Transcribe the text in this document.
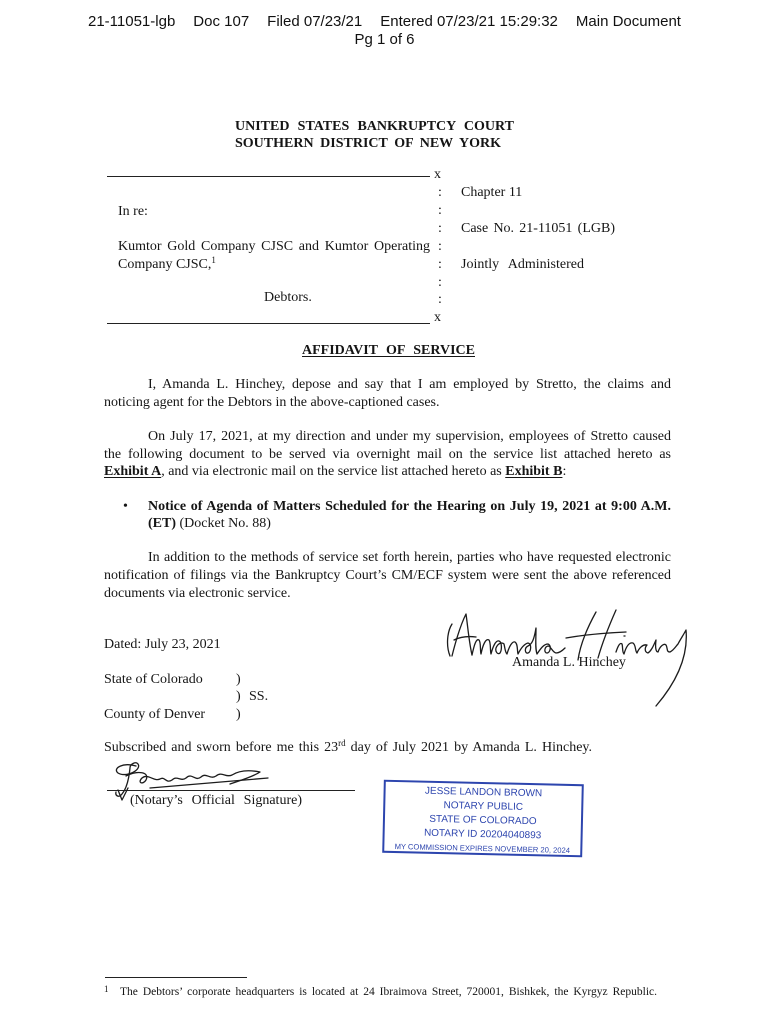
21-11051-lgb Doc 107 Filed 07/23/21 Entered 07/23/21 15:29:32 Main Document
Pg 1 of 6
UNITED STATES BANKRUPTCY COURT
SOUTHERN DISTRICT OF NEW YORK
x
:
:
:
:
:
:
:
x
In re:
Kumtor Gold Company CJSC and Kumtor Operating
Company CJSC,$^1$
Debtors.
Chapter 11
Case No. 21-11051 (LGB)
Jointly Administered
AFFIDAVIT OF SERVICE
I, Amanda L. Hinchey, depose and say that I am employed by Stretto, the claims and
noticing agent for the Debtors in the above-captioned cases.
On July 17, 2021, at my direction and under my supervision, employees of Stretto caused
the following document to be served via overnight mail on the service list attached hereto as
Exhibit A, and via electronic mail on the service list attached hereto as Exhibit B:
• Notice of Agenda of Matters Scheduled for the Hearing on July 19, 2021 at 9:00 A.M.
(ET) (Docket No. 88)
In addition to the methods of service set forth herein, parties who have requested electronic
notification of filings via the Bankruptcy Court’s CM/ECF system were sent the above referenced
documents via electronic service.
Dated: July 23, 2021
Amanda L. Hinchey
State of Colorado )
) SS.
County of Denver )
Subscribed and sworn before me this 23rd day of July 2021 by Amanda L. Hinchey.
(Notary’s Official Signature)
JESSE LANDON BROWN
NOTARY PUBLIC
STATE OF COLORADO
NOTARY ID 20204040893
MY COMMISSION EXPIRES NOVEMBER 20, 2024
1 The Debtors’ corporate headquarters is located at 24 Ibraimova Street, 720001, Bishkek, the Kyrgyz Republic.
